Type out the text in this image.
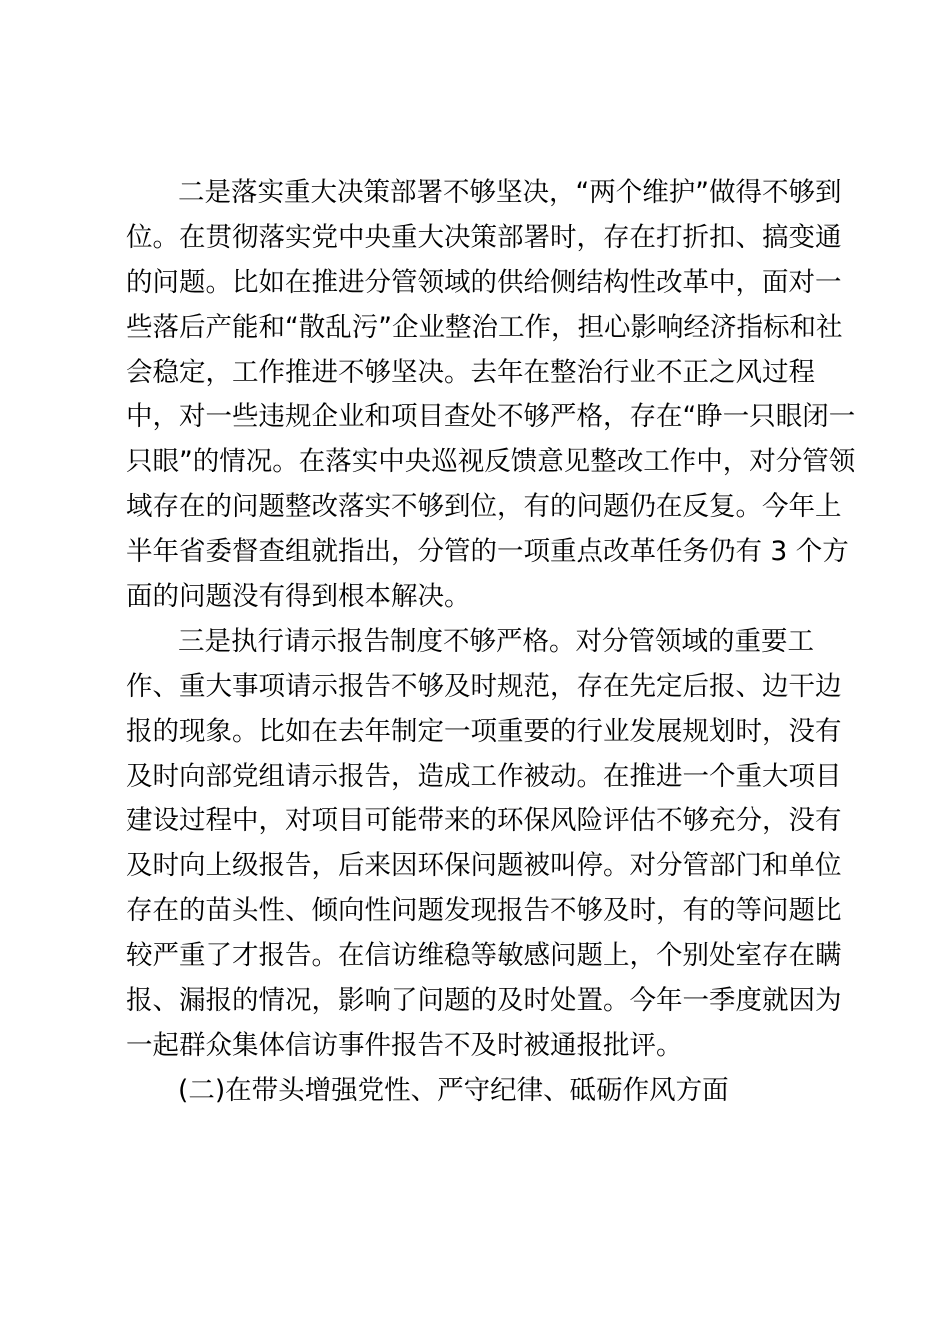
二是落实重大决策部署不够坚决，“两个维护”做得不够到
位。在贯彻落实党中央重大决策部署时，存在打折扣、搞变通
的问题。比如在推进分管领域的供给侧结构性改革中，面对一
些落后产能和“散乱污”企业整治工作，担心影响经济指标和社
会稳定，工作推进不够坚决。去年在整治行业不正之风过程
中，对一些违规企业和项目查处不够严格，存在“睁一只眼闭一
只眼”的情况。在落实中央巡视反馈意见整改工作中，对分管领
域存在的问题整改落实不够到位，有的问题仍在反复。今年上
半年省委督查组就指出，分管的一项重点改革任务仍有 3 个方
面的问题没有得到根本解决。
三是执行请示报告制度不够严格。对分管领域的重要工
作、重大事项请示报告不够及时规范，存在先定后报、边干边
报的现象。比如在去年制定一项重要的行业发展规划时，没有
及时向部党组请示报告，造成工作被动。在推进一个重大项目
建设过程中，对项目可能带来的环保风险评估不够充分，没有
及时向上级报告，后来因环保问题被叫停。对分管部门和单位
存在的苗头性、倾向性问题发现报告不够及时，有的等问题比
较严重了才报告。在信访维稳等敏感问题上，个别处室存在瞒
报、漏报的情况，影响了问题的及时处置。今年一季度就因为
一起群众集体信访事件报告不及时被通报批评。
(二)在带头增强党性、严守纪律、砥砺作风方面
